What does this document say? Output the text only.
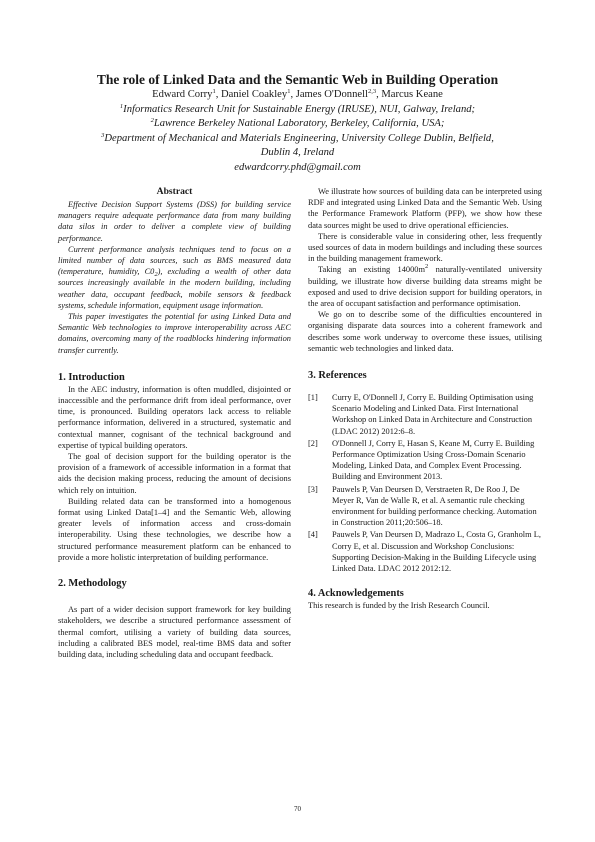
The role of Linked Data and the Semantic Web in Building Operation
Edward Corry$^1$, Daniel Coakley$^1$, James O'Donnell$^{2,3}$, Marcus Keane
$^1$Informatics Research Unit for Sustainable Energy (IRUSE), NUI, Galway, Ireland;
$^2$Lawrence Berkeley National Laboratory, Berkeley, California, USA;
$^3$Department of Mechanical and Materials Engineering, University College Dublin, Belfield,
Dublin 4, Ireland
edwardcorry.phd@gmail.com
Abstract

Effective Decision Support Systems (DSS) for building service managers require adequate performance data from many building data silos in order to deliver a complete view of building performance.

Current performance analysis techniques tend to focus on a limited number of data sources, such as BMS measured data (temperature, humidity, $C0_2$), excluding a wealth of other data sources increasingly available in the modern building, including weather data, occupant feedback, mobile sensors & feedback systems, schedule information, equipment usage information.

This paper investigates the potential for using Linked Data and Semantic Web technologies to improve interoperability across AEC domains, overcoming many of the roadblocks hindering information transfer currently.

1. Introduction

In the AEC industry, information is often muddled, disjointed or inaccessible and the performance drift from ideal performance, over time, is pronounced. Building operators lack access to reliable performance information, delivered in a structured, systematic and contextual manner, cognisant of the technical background and expertise of typical building operators.

The goal of decision support for the building operator is the provision of a framework of accessible information in a format that aids the decision making process, reducing the amount of decisions which rely on intuition.

Building related data can be transformed into a homogenous format using Linked Data[1–4] and the Semantic Web, allowing greater levels of information access and cross-domain interoperability. Using these technologies, we describe how a structured performance measurement platform can be enhanced to provide a more holistic interpretation of building performance.

2. Methodology

As part of a wider decision support framework for key building stakeholders, we describe a structured performance assessment of thermal comfort, utilising a variety of building data sources, including a calibrated BES model, real-time BMS data and softer building data, including scheduling data and occupant feedback.

We illustrate how sources of building data can be interpreted using RDF and integrated using Linked Data and the Semantic Web. Using the Performance Framework Platform (PFP), we show how these data sources might be used to drive operational efficiencies.

There is considerable value in considering other, less frequently used sources of data in modern buildings and including these sources in the building management framework.

Taking an existing $14000m^2$ naturally-ventilated university building, we illustrate how diverse building data streams might be exposed and used to drive decision support for building operators, in the area of occupant satisfaction and performance optimisation.

We go on to describe some of the difficulties encountered in organising disparate data sources into a coherent framework and describes some work underway to overcome these issues, utilising semantic web technologies and linked data.

3. References
[1]	Curry E, O'Donnell J, Corry E. Building Optimisation using Scenario Modeling and Linked Data. First International Workshop on Linked Data in Architecture and Construction (LDAC 2012) 2012:6–8.
[2]	O'Donnell J, Corry E, Hasan S, Keane M, Curry E. Building Performance Optimization Using Cross-Domain Scenario Modeling, Linked Data, and Complex Event Processing. Building and Environment 2013.
[3]	Pauwels P, Van Deursen D, Verstraeten R, De Roo J, De Meyer R, Van de Walle R, et al. A semantic rule checking environment for building performance checking. Automation in Construction 2011;20:506–18.
[4]	Pauwels P, Van Deursen D, Madrazo L, Costa G, Granholm L, Corry E, et al. Discussion and Workshop Conclusions: Supporting Decision-Making in the Building Lifecycle using Linked Data. LDAC 2012 2012:12.
4. Acknowledgements

This research is funded by the Irish Research Council.

70
